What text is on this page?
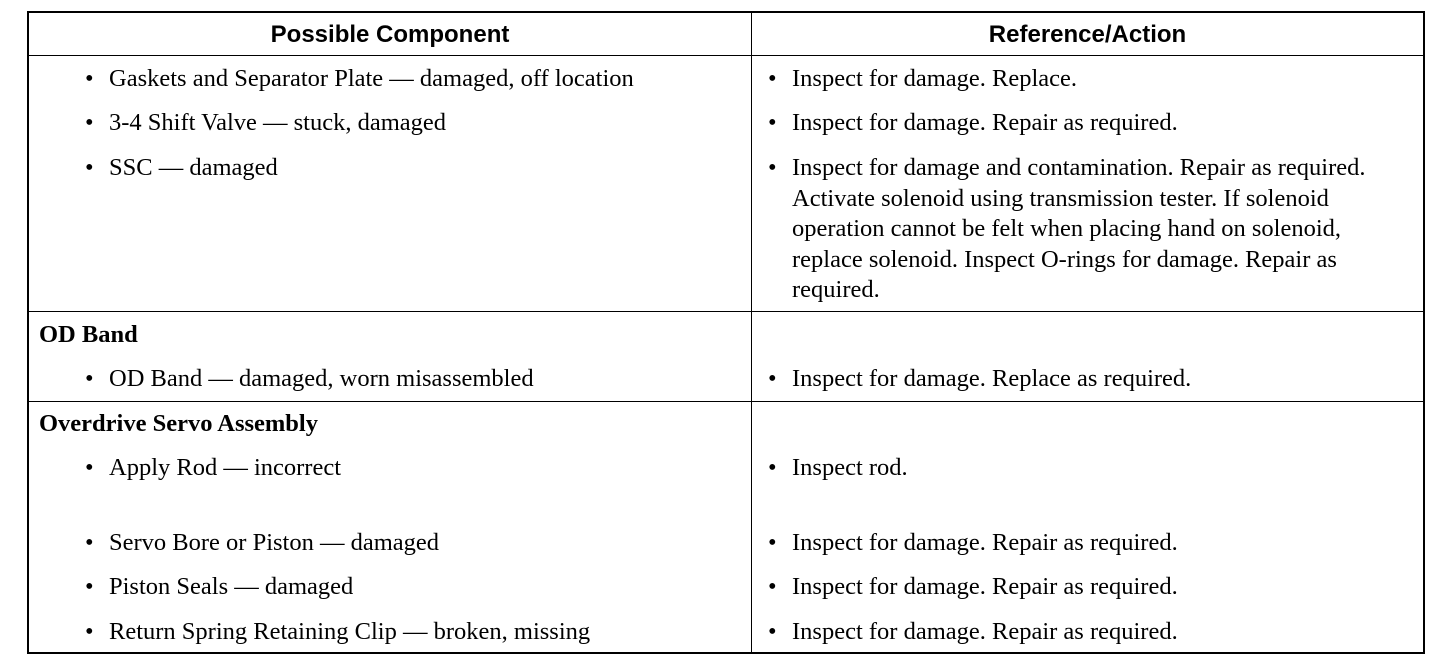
Possible Component	Reference/Action
• Gaskets and Separator Plate — damaged, off location	• Inspect for damage. Replace.
• 3-4 Shift Valve — stuck, damaged	• Inspect for damage. Repair as required.
• SSC — damaged	• Inspect for damage and contamination. Repair as required. Activate solenoid using transmission tester. If solenoid operation cannot be felt when placing hand on solenoid, replace solenoid. Inspect O-rings for damage. Repair as required.
OD Band
• OD Band — damaged, worn misassembled	• Inspect for damage. Replace as required.
Overdrive Servo Assembly
• Apply Rod — incorrect	• Inspect rod.
• Servo Bore or Piston — damaged	• Inspect for damage. Repair as required.
• Piston Seals — damaged	• Inspect for damage. Repair as required.
• Return Spring Retaining Clip — broken, missing	• Inspect for damage. Repair as required.
